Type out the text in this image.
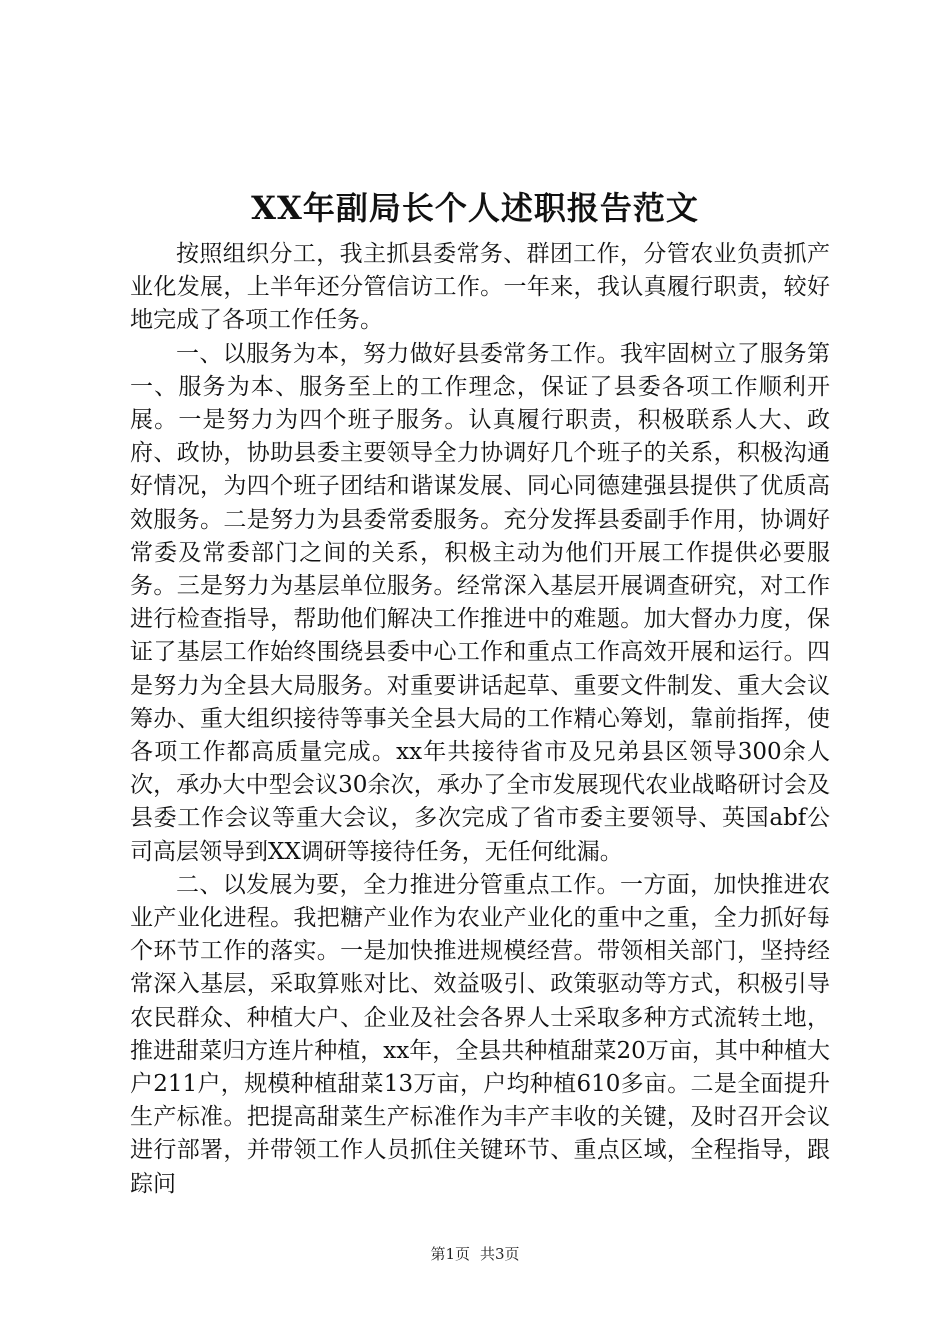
XX年副局长个人述职报告范文

按照组织分工，我主抓县委常务、群团工作，分管农业负责抓产业化发展，上半年还分管信访工作。一年来，我认真履行职责，较好地完成了各项工作任务。

一、以服务为本，努力做好县委常务工作。我牢固树立了服务第一、服务为本、服务至上的工作理念，保证了县委各项工作顺利开展。一是努力为四个班子服务。认真履行职责，积极联系人大、政府、政协，协助县委主要领导全力协调好几个班子的关系，积极沟通好情况，为四个班子团结和谐谋发展、同心同德建强县提供了优质高效服务。二是努力为县委常委服务。充分发挥县委副手作用，协调好常委及常委部门之间的关系，积极主动为他们开展工作提供必要服务。三是努力为基层单位服务。经常深入基层开展调查研究，对工作进行检查指导，帮助他们解决工作推进中的难题。加大督办力度，保证了基层工作始终围绕县委中心工作和重点工作高效开展和运行。四是努力为全县大局服务。对重要讲话起草、重要文件制发、重大会议筹办、重大组织接待等事关全县大局的工作精心筹划，靠前指挥，使各项工作都高质量完成。xx年共接待省市及兄弟县区领导300余人次，承办大中型会议30余次，承办了全市发展现代农业战略研讨会及县委工作会议等重大会议，多次完成了省市委主要领导、英国abf公司高层领导到XX调研等接待任务，无任何纰漏。

二、以发展为要，全力推进分管重点工作。一方面，加快推进农业产业化进程。我把糖产业作为农业产业化的重中之重，全力抓好每个环节工作的落实。一是加快推进规模经营。带领相关部门，坚持经常深入基层，采取算账对比、效益吸引、政策驱动等方式，积极引导农民群众、种植大户、企业及社会各界人士采取多种方式流转土地，推进甜菜归方连片种植，xx年，全县共种植甜菜20万亩，其中种植大户211户，规模种植甜菜13万亩，户均种植610多亩。二是全面提升生产标准。把提高甜菜生产标准作为丰产丰收的关键，及时召开会议进行部署，并带领工作人员抓住关键环节、重点区域，全程指导，跟踪问

第1页 共3页
